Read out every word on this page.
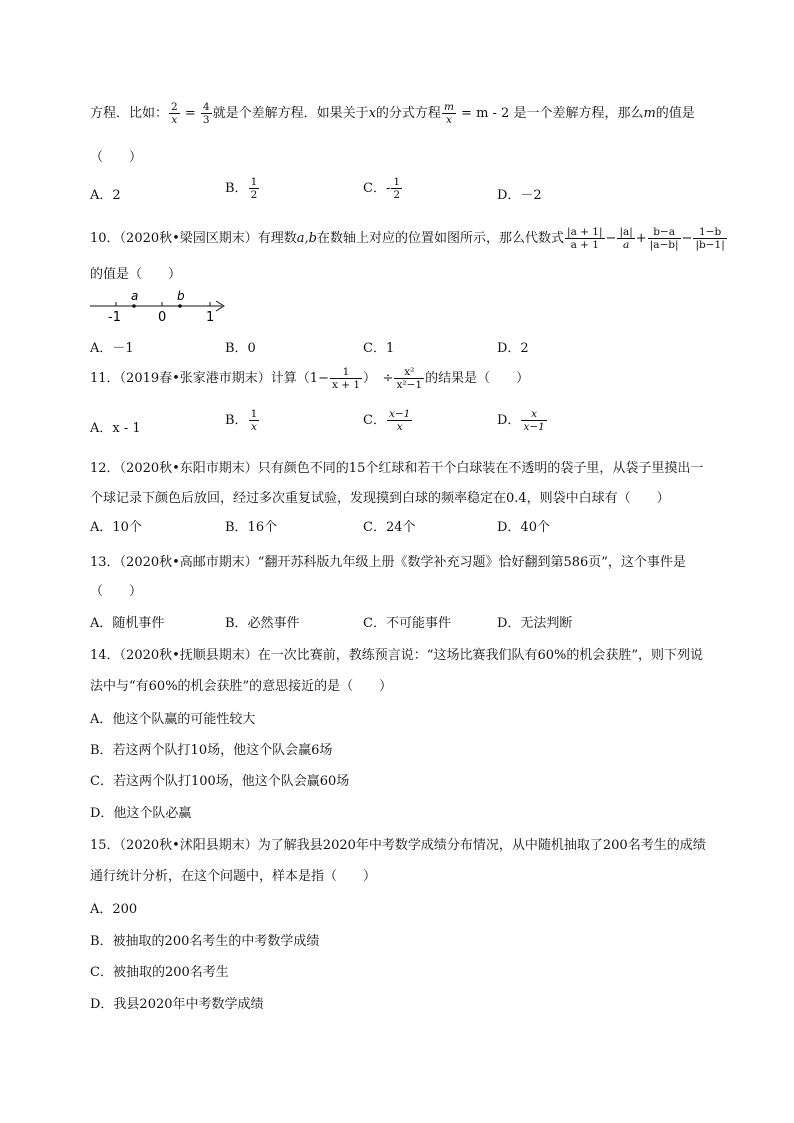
方程．比如： $\frac{2}{x} = \frac{4}{3}$ 就是个差解方程．如果关于x的分式方程 $\frac{m}{x} = m - 2$ 是一个差解方程，那么m的值是
（　　）
A．2	B． $\frac{1}{2}$	C．- $\frac{1}{2}$	D．－2
10．（2020秋•梁园区期末）有理数a,b在数轴上对应的位置如图所示，那么代数式 $\frac{|a + 1|}{a + 1} - \frac{|a|}{a} + \frac{b-a}{|a-b|} - \frac{1-b}{|b-1|}$
的值是（　　）
a	b
-1	0	1
A．－1	B．0	C．1	D．2
11．（2019春•张家港市期末）计算（$1- \frac{1}{x + 1}$ ）　÷ $\frac{\text{x²}}{\text{x²−1}}$ 的结果是（　　）
A．x - 1
B． $\frac{1}{x}$	C． $\frac{x-1}{x}$	D． $\frac{x}{x-1}$
12．（2020秋•东阳市期末）只有颜色不同的15个红球和若干个白球装在不透明的袋子里，从袋子里摸出一
个球记录下颜色后放回，经过多次重复试验，发现摸到白球的频率稳定在0.4，则袋中白球有（　　）
A．10个	B．16个	C．24个	D．40个
13．（2020秋•高邮市期末）“翻开苏科版九年级上册《数学补充习题》恰好翻到第586页”，这个事件是
（　　）
A．随机事件	B．必然事件	C．不可能事件	D．无法判断
14．（2020秋•抚顺县期末）在一次比赛前，教练预言说：“这场比赛我们队有60%的机会获胜”，则下列说
法中与“有60%的机会获胜”的意思接近的是（　　）
A．他这个队赢的可能性较大
B．若这两个队打10场，他这个队会赢6场
C．若这两个队打100场，他这个队会赢60场
D．他这个队必赢
15．（2020秋•沭阳县期末）为了解我县2020年中考数学成绩分布情况，从中随机抽取了200名考生的成绩
通行统计分析，在这个问题中，样本是指（　　）
A．200
B．被抽取的200名考生的中考数学成绩
C．被抽取的200名考生
D．我县2020年中考数学成绩
